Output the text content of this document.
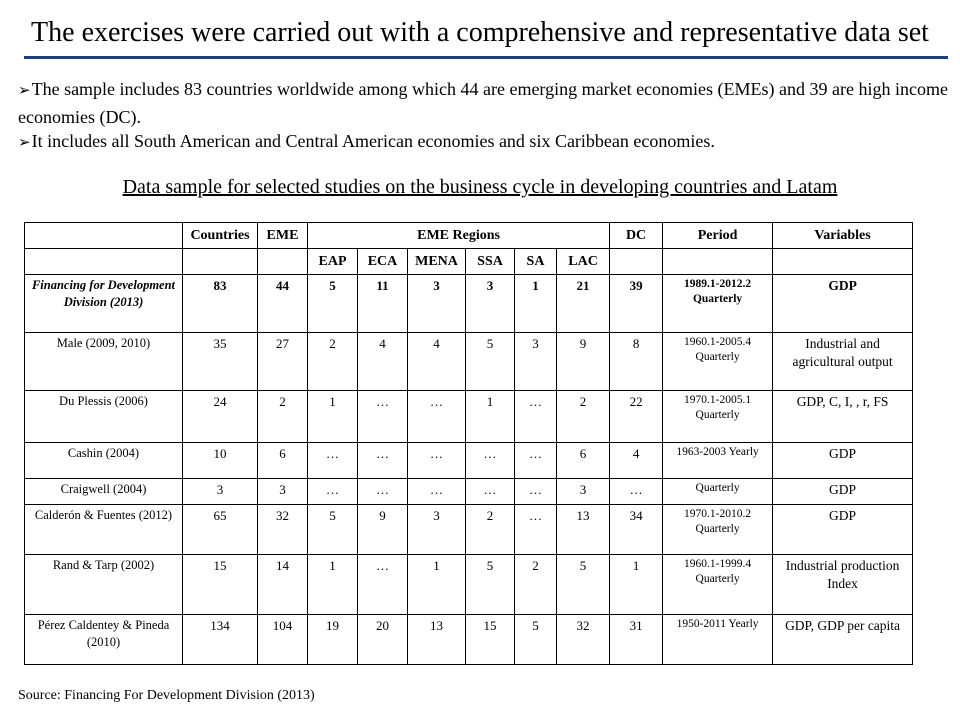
The exercises were carried out with a comprehensive and representative data set
➢The sample includes 83 countries worldwide among which 44 are emerging market economies (EMEs) and 39 are high income economies (DC).
➢It includes all South American and Central American economies and six Caribbean economies.
Data sample for selected studies on the business cycle in developing countries and Latam
	Countries	EME	EME Regions						DC	Period	Variables
			EAP	ECA	MENA	SSA	SA	LAC			
Financing for Development Division (2013)	83	44	5	11	3	3	1	21	39	1989.1-2012.2 Quarterly	GDP
Male (2009, 2010)	35	27	2	4	4	5	3	9	8	1960.1-2005.4 Quarterly	Industrial and agricultural output
Du Plessis (2006)	24	2	1	…	…	1	…	2	22	1970.1-2005.1 Quarterly	GDP, C, I, , r, FS
Cashin (2004)	10	6	…	…	…	…	…	6	4	1963-2003 Yearly	GDP
Craigwell (2004)	3	3	…	…	…	…	…	3	…	Quarterly	GDP
Calderón & Fuentes (2012)	65	32	5	9	3	2	…	13	34	1970.1-2010.2 Quarterly	GDP
Rand & Tarp (2002)	15	14	1	…	1	5	2	5	1	1960.1-1999.4 Quarterly	Industrial production Index
Pérez Caldentey & Pineda (2010)	134	104	19	20	13	15	5	32	31	1950-2011 Yearly	GDP, GDP per capita
Source: Financing For Development Division (2013)
